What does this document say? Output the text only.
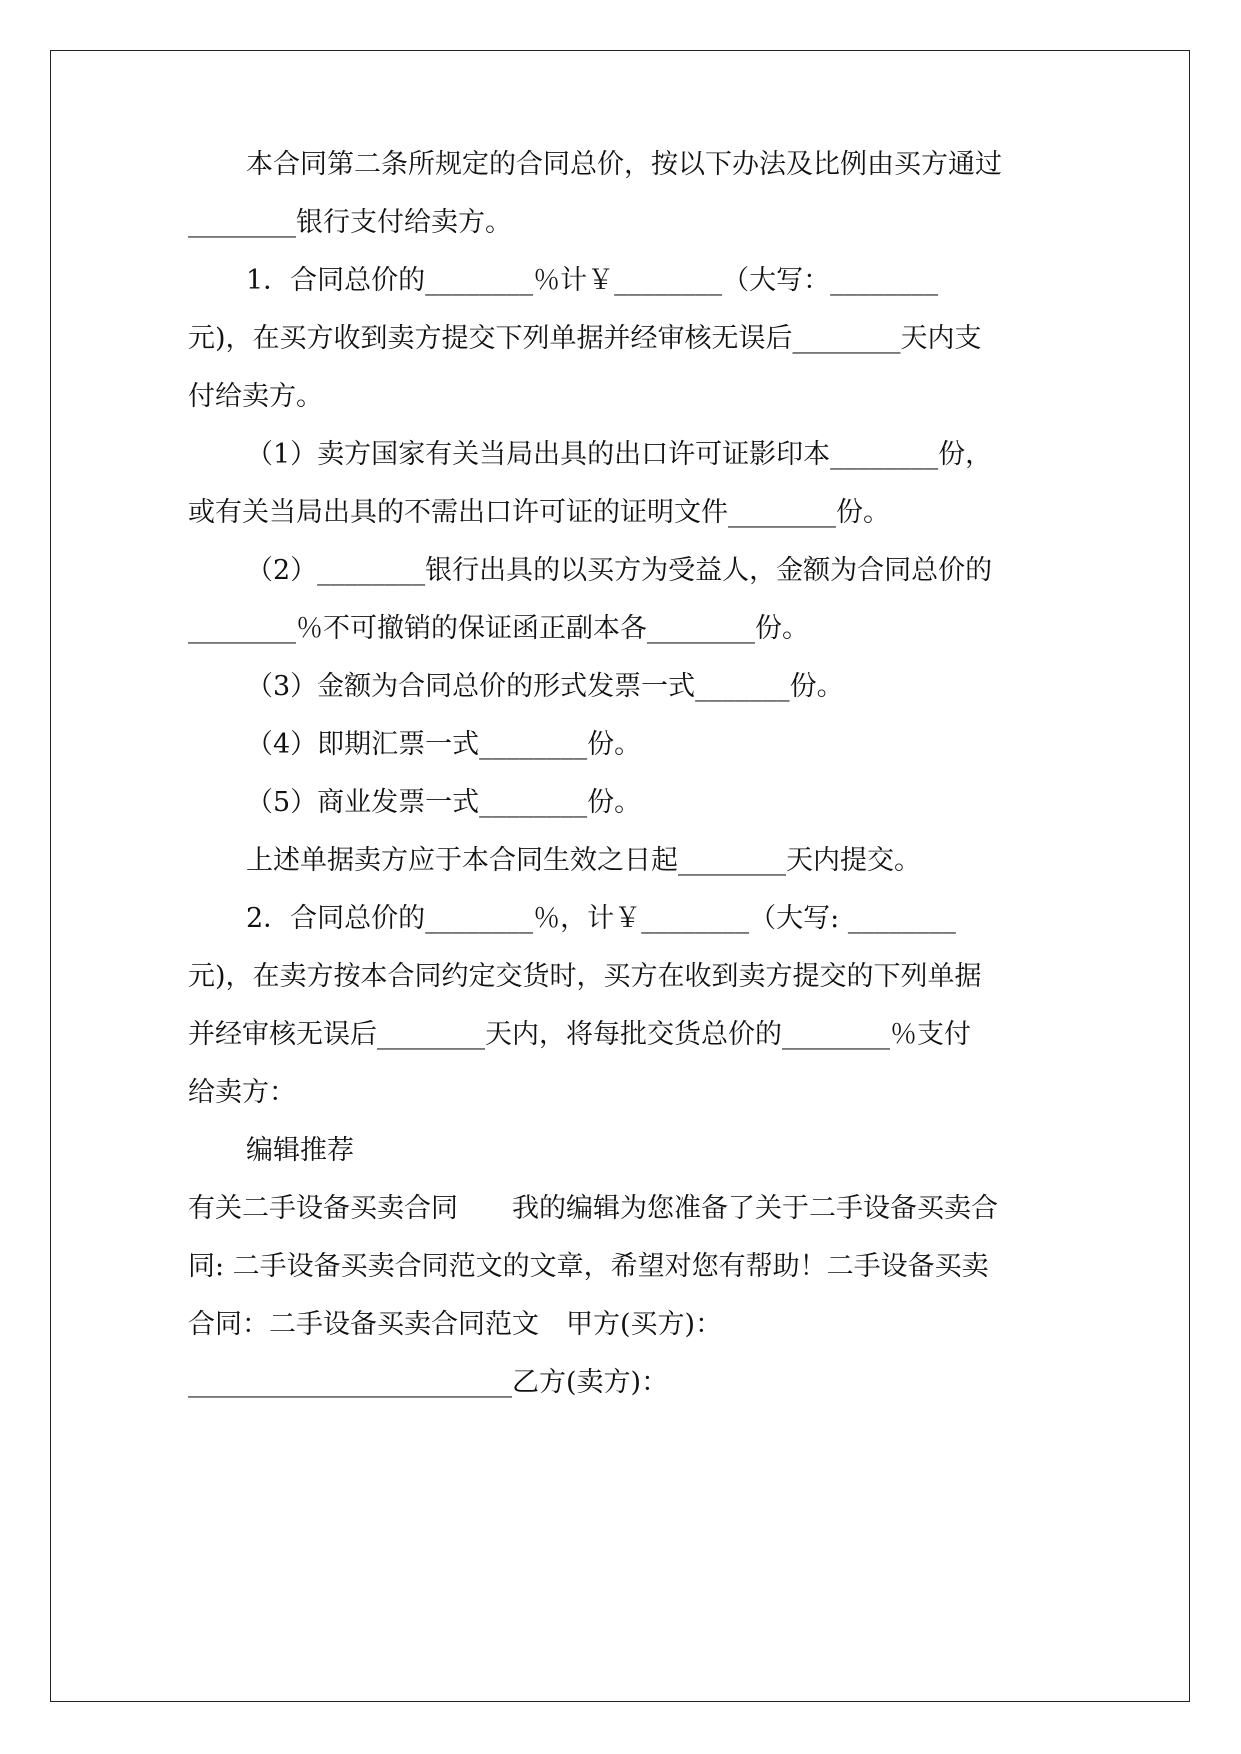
本合同第二条所规定的合同总价，按以下办法及比例由买方通过
________银行支付给卖方。
1．合同总价的________％计￥________（大写：________
元)，在买方收到卖方提交下列单据并经审核无误后________天内支
付给卖方。
（1）卖方国家有关当局出具的出口许可证影印本________份，
或有关当局出具的不需出口许可证的证明文件________份。
（2）________银行出具的以买方为受益人，金额为合同总价的
________％不可撤销的保证函正副本各________份。
（3）金额为合同总价的形式发票一式_______份。
（4）即期汇票一式________份。
（5）商业发票一式________份。
上述单据卖方应于本合同生效之日起________天内提交。
2．合同总价的________％，计￥________（大写: ________
元)，在卖方按本合同约定交货时，买方在收到卖方提交的下列单据
并经审核无误后________天内，将每批交货总价的________％支付
给卖方：
编辑推荐
有关二手设备买卖合同　　我的编辑为您准备了关于二手设备买卖合
同: 二手设备买卖合同范文的文章，希望对您有帮助！二手设备买卖
合同：二手设备买卖合同范文　甲方(买方)：
________________________乙方(卖方)：
